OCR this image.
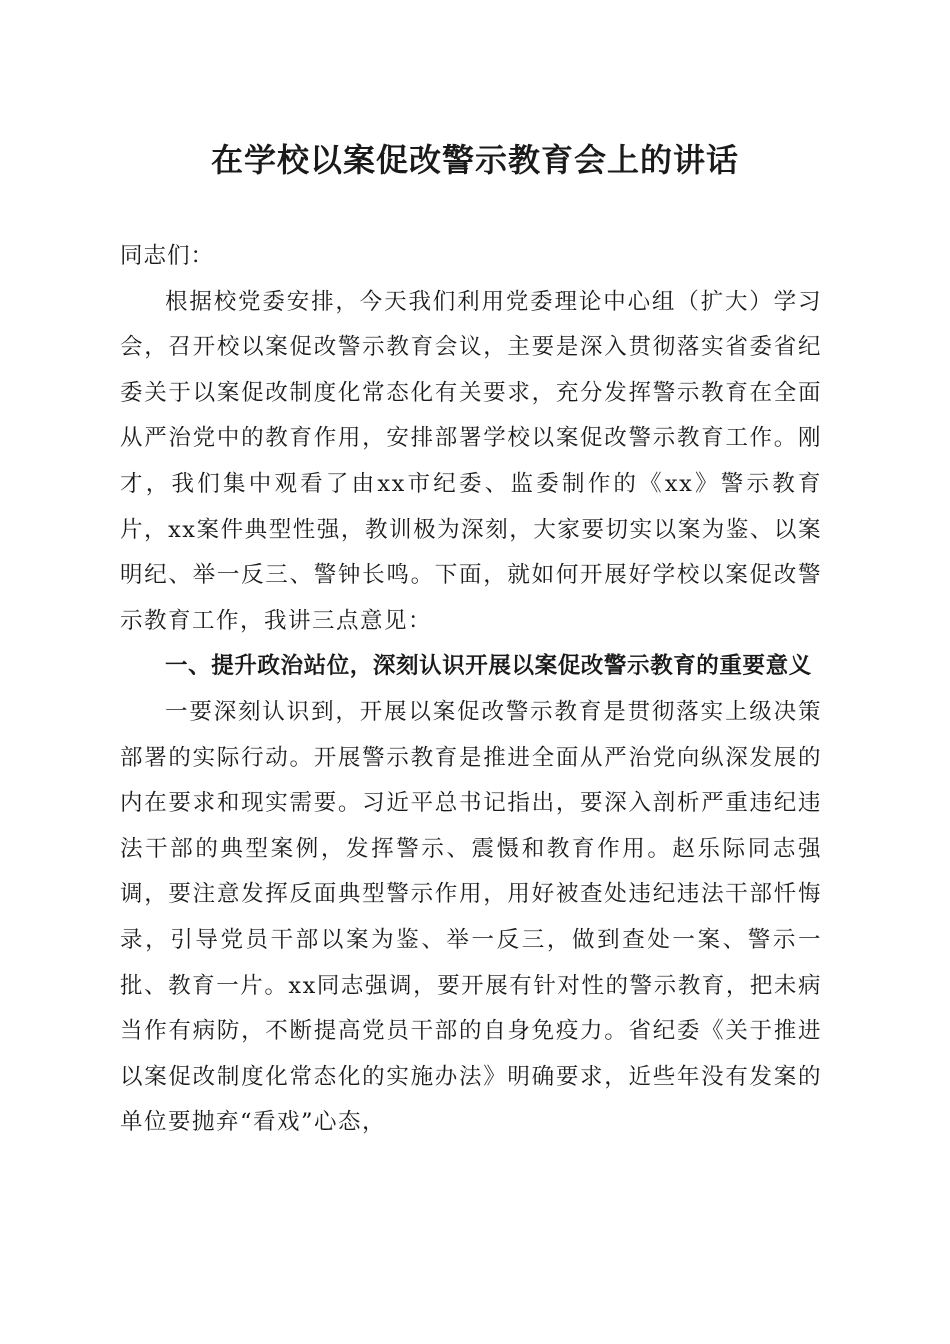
在学校以案促改警示教育会上的讲话

同志们：

根据校党委安排，今天我们利用党委理论中心组（扩大）学习会，召开校以案促改警示教育会议，主要是深入贯彻落实省委省纪委关于以案促改制度化常态化有关要求，充分发挥警示教育在全面从严治党中的教育作用，安排部署学校以案促改警示教育工作。刚才，我们集中观看了由xx市纪委、监委制作的《xx》警示教育片，xx案件典型性强，教训极为深刻，大家要切实以案为鉴、以案明纪、举一反三、警钟长鸣。下面，就如何开展好学校以案促改警示教育工作，我讲三点意见：

一、提升政治站位，深刻认识开展以案促改警示教育的重要意义

一要深刻认识到，开展以案促改警示教育是贯彻落实上级决策部署的实际行动。开展警示教育是推进全面从严治党向纵深发展的内在要求和现实需要。习近平总书记指出，要深入剖析严重违纪违法干部的典型案例，发挥警示、震慑和教育作用。赵乐际同志强调，要注意发挥反面典型警示作用，用好被查处违纪违法干部忏悔录，引导党员干部以案为鉴、举一反三，做到查处一案、警示一批、教育一片。xx同志强调，要开展有针对性的警示教育，把未病当作有病防，不断提高党员干部的自身免疫力。省纪委《关于推进以案促改制度化常态化的实施办法》明确要求，近些年没有发案的单位要抛弃“看戏”心态，
